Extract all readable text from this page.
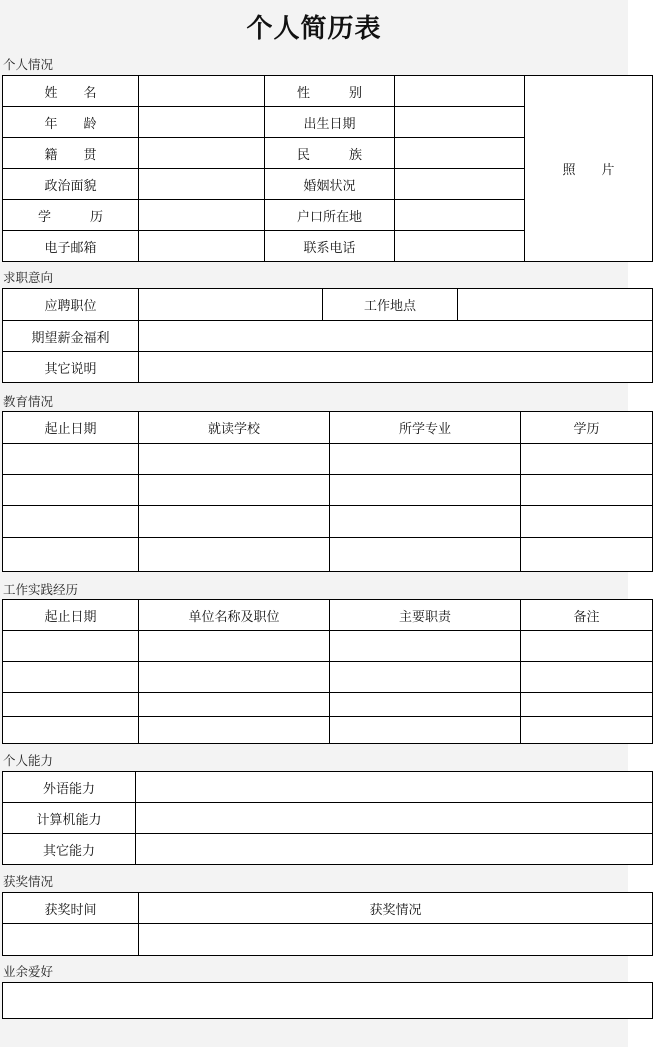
个人简历表
个人情况
姓　　名		性　　　别		照　　片
年　　龄		出生日期		
籍　　贯		民　　　族		
政治面貌		婚姻状况		
学　　　历		户口所在地		
电子邮箱		联系电话		
求职意向
应聘职位		工作地点	
期望薪金福利			
其它说明			
教育情况
起止日期	就读学校	所学专业	学历

工作实践经历
起止日期	单位名称及职位	主要职责	备注

个人能力
外语能力	
计算机能力	
其它能力	
获奖情况
获奖时间	获奖情况

业余爱好
